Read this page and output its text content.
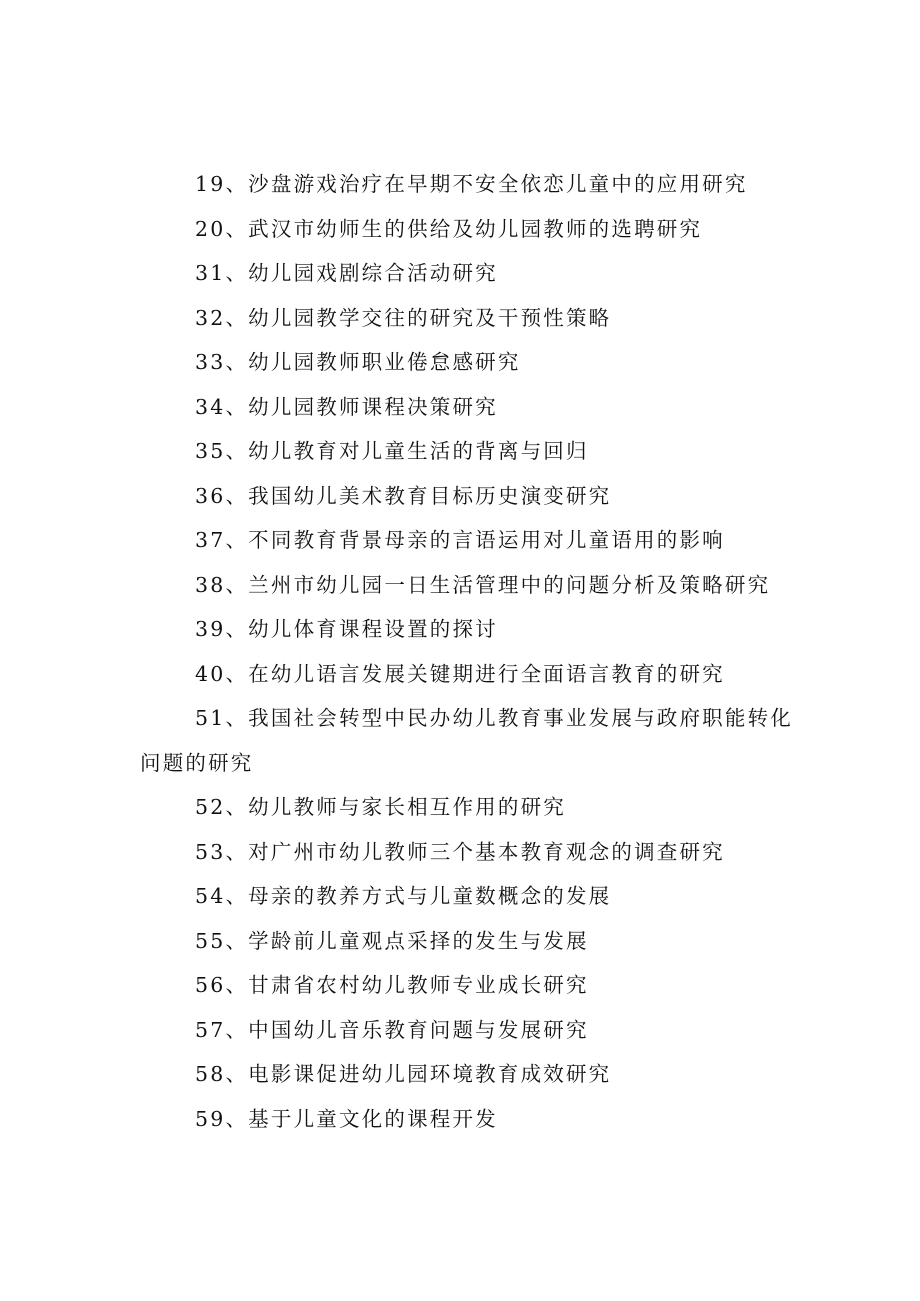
19、沙盘游戏治疗在早期不安全依恋儿童中的应用研究
20、武汉市幼师生的供给及幼儿园教师的选聘研究
31、幼儿园戏剧综合活动研究
32、幼儿园教学交往的研究及干预性策略
33、幼儿园教师职业倦怠感研究
34、幼儿园教师课程决策研究
35、幼儿教育对儿童生活的背离与回归
36、我国幼儿美术教育目标历史演变研究
37、不同教育背景母亲的言语运用对儿童语用的影响
38、兰州市幼儿园一日生活管理中的问题分析及策略研究
39、幼儿体育课程设置的探讨
40、在幼儿语言发展关键期进行全面语言教育的研究
51、我国社会转型中民办幼儿教育事业发展与政府职能转化问题的研究
52、幼儿教师与家长相互作用的研究
53、对广州市幼儿教师三个基本教育观念的调查研究
54、母亲的教养方式与儿童数概念的发展
55、学龄前儿童观点采择的发生与发展
56、甘肃省农村幼儿教师专业成长研究
57、中国幼儿音乐教育问题与发展研究
58、电影课促进幼儿园环境教育成效研究
59、基于儿童文化的课程开发
